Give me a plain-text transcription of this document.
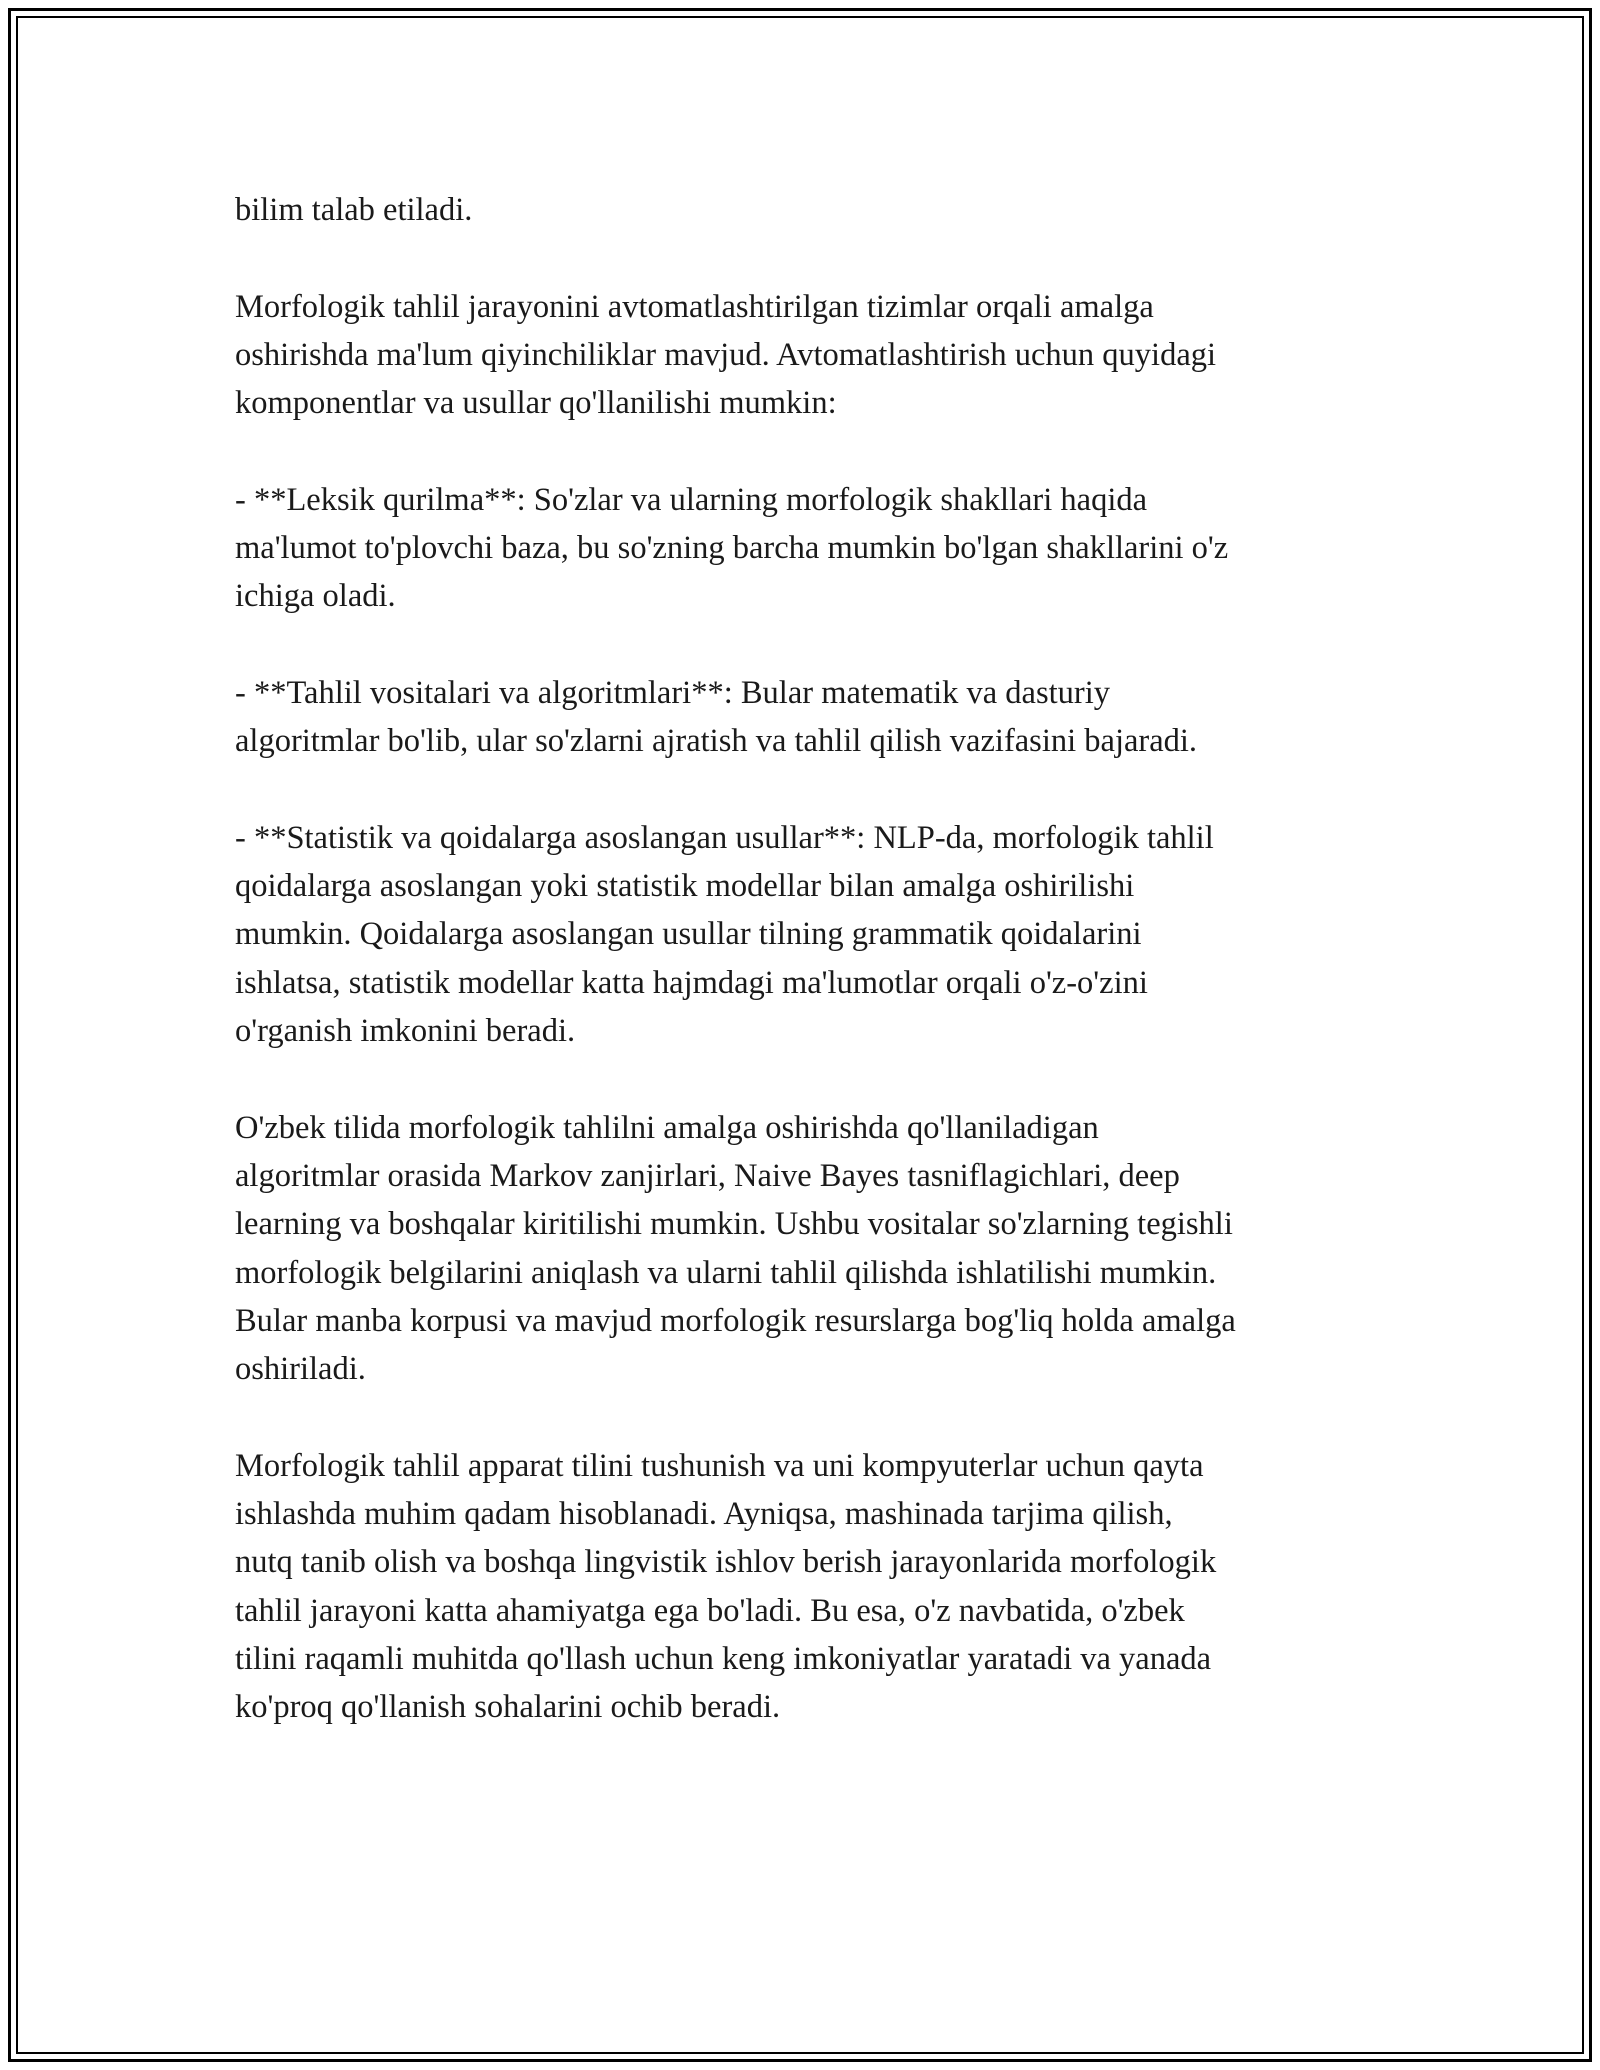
bilim talab etiladi.

Morfologik tahlil jarayonini avtomatlashtirilgan tizimlar orqali amalga
oshirishda ma'lum qiyinchiliklar mavjud. Avtomatlashtirish uchun quyidagi
komponentlar va usullar qo'llanilishi mumkin:

- **Leksik qurilma**: So'zlar va ularning morfologik shakllari haqida
ma'lumot to'plovchi baza, bu so'zning barcha mumkin bo'lgan shakllarini o'z
ichiga oladi.

- **Tahlil vositalari va algoritmlari**: Bular matematik va dasturiy
algoritmlar bo'lib, ular so'zlarni ajratish va tahlil qilish vazifasini bajaradi.

- **Statistik va qoidalarga asoslangan usullar**: NLP-da, morfologik tahlil
qoidalarga asoslangan yoki statistik modellar bilan amalga oshirilishi
mumkin. Qoidalarga asoslangan usullar tilning grammatik qoidalarini
ishlatsa, statistik modellar katta hajmdagi ma'lumotlar orqali o'z-o'zini
o'rganish imkonini beradi.

O'zbek tilida morfologik tahlilni amalga oshirishda qo'llaniladigan
algoritmlar orasida Markov zanjirlari, Naive Bayes tasniflagichlari, deep
learning va boshqalar kiritilishi mumkin. Ushbu vositalar so'zlarning tegishli
morfologik belgilarini aniqlash va ularni tahlil qilishda ishlatilishi mumkin.
Bular manba korpusi va mavjud morfologik resurslarga bog'liq holda amalga
oshiriladi.

Morfologik tahlil apparat tilini tushunish va uni kompyuterlar uchun qayta
ishlashda muhim qadam hisoblanadi. Ayniqsa, mashinada tarjima qilish,
nutq tanib olish va boshqa lingvistik ishlov berish jarayonlarida morfologik
tahlil jarayoni katta ahamiyatga ega bo'ladi. Bu esa, o'z navbatida, o'zbek
tilini raqamli muhitda qo'llash uchun keng imkoniyatlar yaratadi va yanada
ko'proq qo'llanish sohalarini ochib beradi.
